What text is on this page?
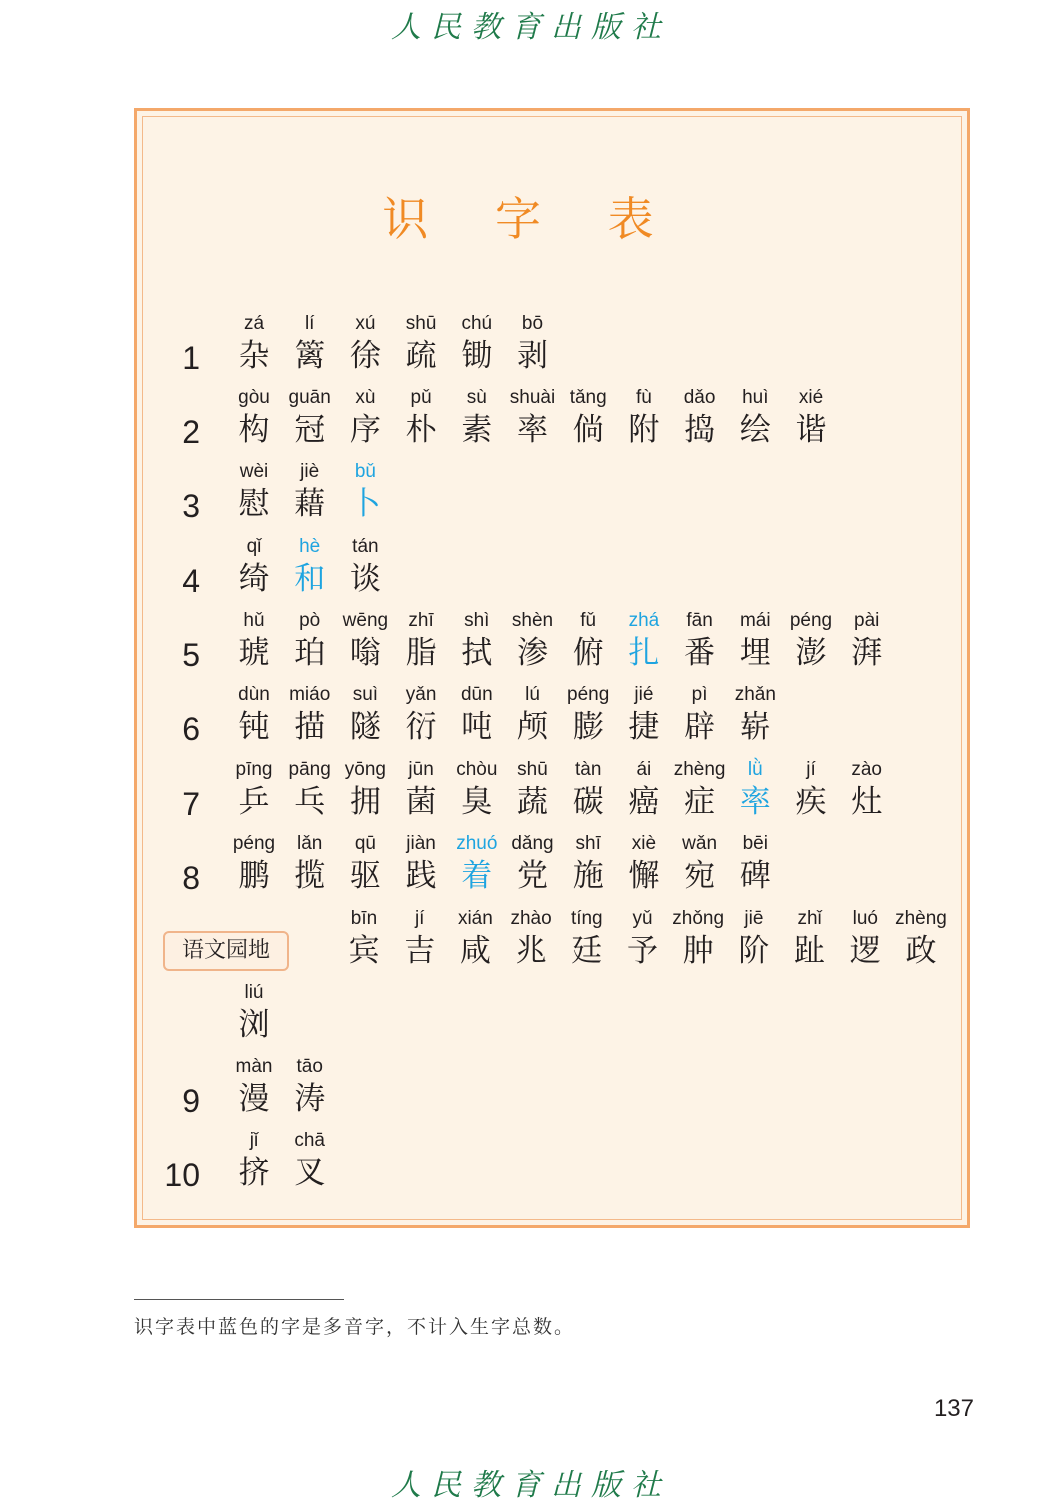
人民教育出版社
识 字 表
1
zá
杂
lí
篱
xú
徐
shū
疏
chú
锄
bō
剥
2
gòu
构
guān
冠
xù
序
pǔ
朴
sù
素
shuài
率
tǎng
倘
fù
附
dǎo
捣
huì
绘
xié
谐
3
wèi
慰
jiè
藉
bǔ
卜
4
qǐ
绮
hè
和
tán
谈
5
hǔ
琥
pò
珀
wēng
嗡
zhī
脂
shì
拭
shèn
渗
fǔ
俯
zhá
扎
fān
番
mái
埋
péng
澎
pài
湃
6
dùn
钝
miáo
描
suì
隧
yǎn
衍
dūn
吨
lú
颅
péng
膨
jié
捷
pì
辟
zhǎn
崭
7
pīng
乒
pāng
乓
yōng
拥
jūn
菌
chòu
臭
shū
蔬
tàn
碳
ái
癌
zhèng
症
lǜ
率
jí
疾
zào
灶
8
péng
鹏
lǎn
揽
qū
驱
jiàn
践
zhuó
着
dǎng
党
shī
施
xiè
懈
wǎn
宛
bēi
碑
bīn
宾
jí
吉
xián
咸
zhào
兆
tíng
廷
yǔ
予
zhǒng
肿
jiē
阶
zhǐ
趾
luó
逻
zhèng
政
liú
浏
9
màn
漫
tāo
涛
10
jǐ
挤
chā
叉
语文园地
识字表中蓝色的字是多音字，不计入生字总数。
137
人民教育出版社
